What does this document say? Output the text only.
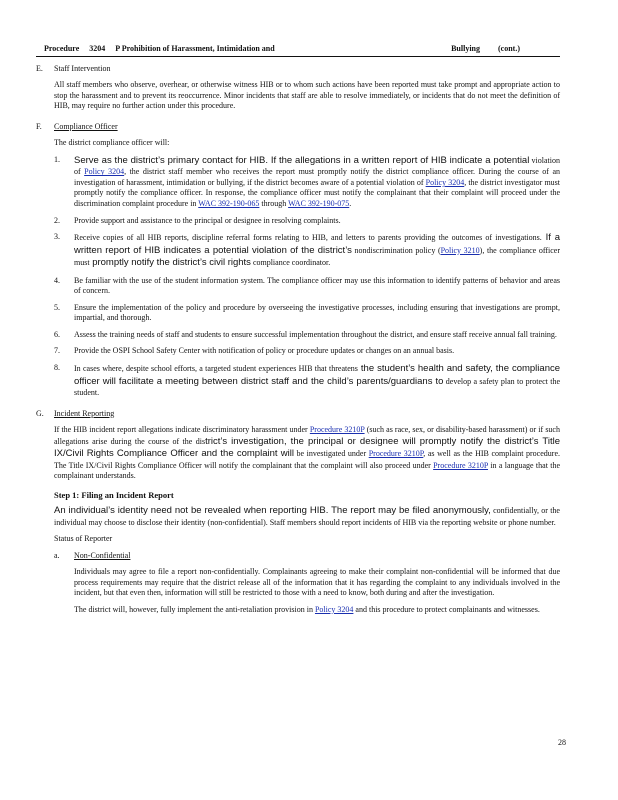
Procedure 3204 P Prohibition of Harassment, Intimidation and	Bullying (cont.)
E.	Staff Intervention
All staff members who observe, overhear, or otherwise witness HIB or to whom such actions have been reported must take prompt and appropriate action to stop the harassment and to prevent its reoccurrence. Minor incidents that staff are able to resolve immediately, or incidents that do not meet the definition of HIB, may require no further action under this procedure.
F.	Compliance Officer
The district compliance officer will:
1.	Serve as the district’s primary contact for HIB. If the allegations in a written report of HIB indicate a potential violation of Policy 3204, the district staff member who receives the report must promptly notify the district compliance officer. During the course of an investigation of harassment, intimidation or bullying, if the district becomes aware of a potential violation of Policy 3204, the district investigator must promptly notify the compliance officer. In response, the compliance officer must notify the complainant that their complaint will proceed under the discrimination complaint procedure in WAC 392-190-065 through WAC 392-190-075.
2.	Provide support and assistance to the principal or designee in resolving complaints.
3.	Receive copies of all HIB reports, discipline referral forms relating to HIB, and letters to parents providing the outcomes of investigations. If a written report of HIB indicates a potential violation of the district’s nondiscrimination policy (Policy 3210), the compliance officer must promptly notify the district’s civil rights compliance coordinator.
4.	Be familiar with the use of the student information system. The compliance officer may use this information to identify patterns of behavior and areas of concern.
5.	Ensure the implementation of the policy and procedure by overseeing the investigative processes, including ensuring that investigations are prompt, impartial, and thorough.
6.	Assess the training needs of staff and students to ensure successful implementation throughout the district, and ensure staff receive annual fall training.
7.	Provide the OSPI School Safety Center with notification of policy or procedure updates or changes on an annual basis.
8.	In cases where, despite school efforts, a targeted student experiences HIB that threatens the student’s health and safety, the compliance officer will facilitate a meeting between district staff and the child’s parents/guardians to develop a safety plan to protect the student.
G.	Incident Reporting
If the HIB incident report allegations indicate discriminatory harassment under Procedure 3210P (such as race, sex, or disability-based harassment) or if such allegations arise during the course of the district’s investigation, the principal or designee will promptly notify the district’s Title IX/Civil Rights Compliance Officer and the complaint will be investigated under Procedure 3210P, as well as the HIB complaint procedure. The Title IX/Civil Rights Compliance Officer will notify the complainant that the complaint will also proceed under Procedure 3210P in a language that the complainant understands.
Step 1: Filing an Incident Report
An individual’s identity need not be revealed when reporting HIB. The report may be filed anonymously, confidentially, or the individual may choose to disclose their identity (non-confidential). Staff members should report incidents of HIB via the reporting website or phone number.
Status of Reporter
a.	Non-Confidential
Individuals may agree to file a report non-confidentially. Complainants agreeing to make their complaint non-confidential will be informed that due process requirements may require that the district release all of the information that it has regarding the complaint to any individuals involved in the incident, but that even then, information will still be restricted to those with a need to know, both during and after the investigation.
The district will, however, fully implement the anti-retaliation provision in Policy 3204 and this procedure to protect complainants and witnesses.
28
